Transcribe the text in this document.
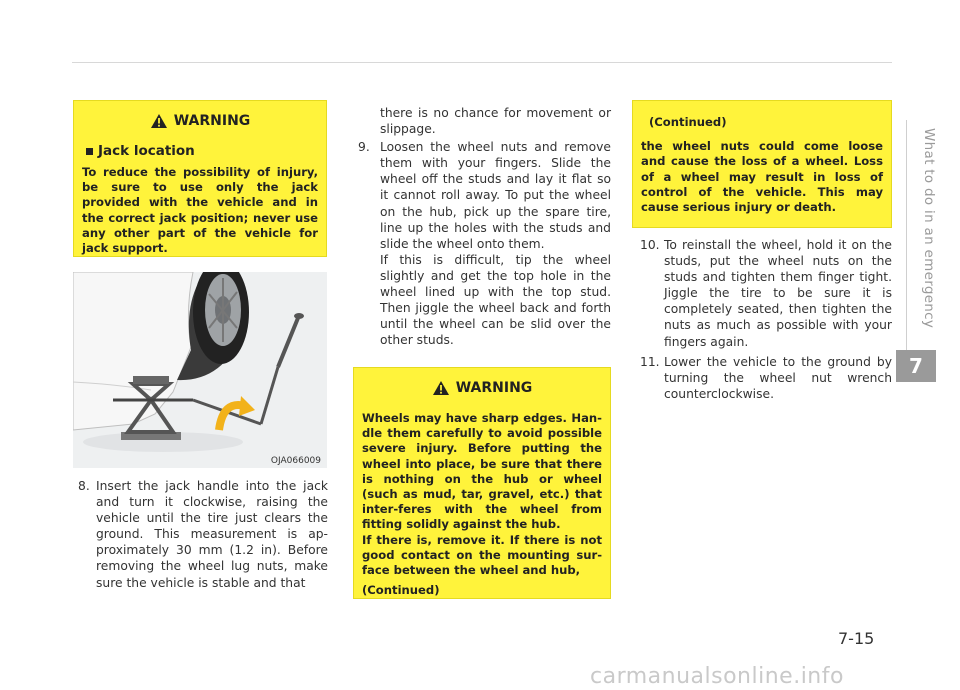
What to do in an emergency
7
WARNING
Jack location

To reduce the possibility of injury, be sure to use only the jack provided with the vehicle and in the correct jack position; never use any other part of the vehicle for jack support.

OJA066009
8. Insert the jack handle into the jack and turn it clockwise, raising the vehicle until the tire just clears the ground. This measurement is ap-proximately 30 mm (1.2 in). Before removing the wheel lug nuts, make sure the vehicle is stable and that
there is no chance for movement or slippage.
9. Loosen the wheel nuts and remove them with your fingers. Slide the wheel off the studs and lay it flat so it cannot roll away. To put the wheel on the hub, pick up the spare tire, line up the holes with the studs and slide the wheel onto them.

If this is difficult, tip the wheel slightly and get the top hole in the wheel lined up with the top stud. Then jiggle the wheel back and forth until the wheel can be slid over the other studs.

WARNING

Wheels may have sharp edges. Han-dle them carefully to avoid possible severe injury. Before putting the wheel into place, be sure that there is nothing on the hub or wheel (such as mud, tar, gravel, etc.) that inter-feres with the wheel from fitting solidly against the hub.

If there is, remove it. If there is not good contact on the mounting sur-face between the wheel and hub,

(Continued)

(Continued)

the wheel nuts could come loose and cause the loss of a wheel. Loss of a wheel may result in loss of control of the vehicle. This may cause serious injury or death.

10. To reinstall the wheel, hold it on the studs, put the wheel nuts on the studs and tighten them finger tight. Jiggle the tire to be sure it is completely seated, then tighten the nuts as much as possible with your fingers again.
11. Lower the vehicle to the ground by turning the wheel nut wrench counterclockwise.
7-15
carmanualsonline.info
